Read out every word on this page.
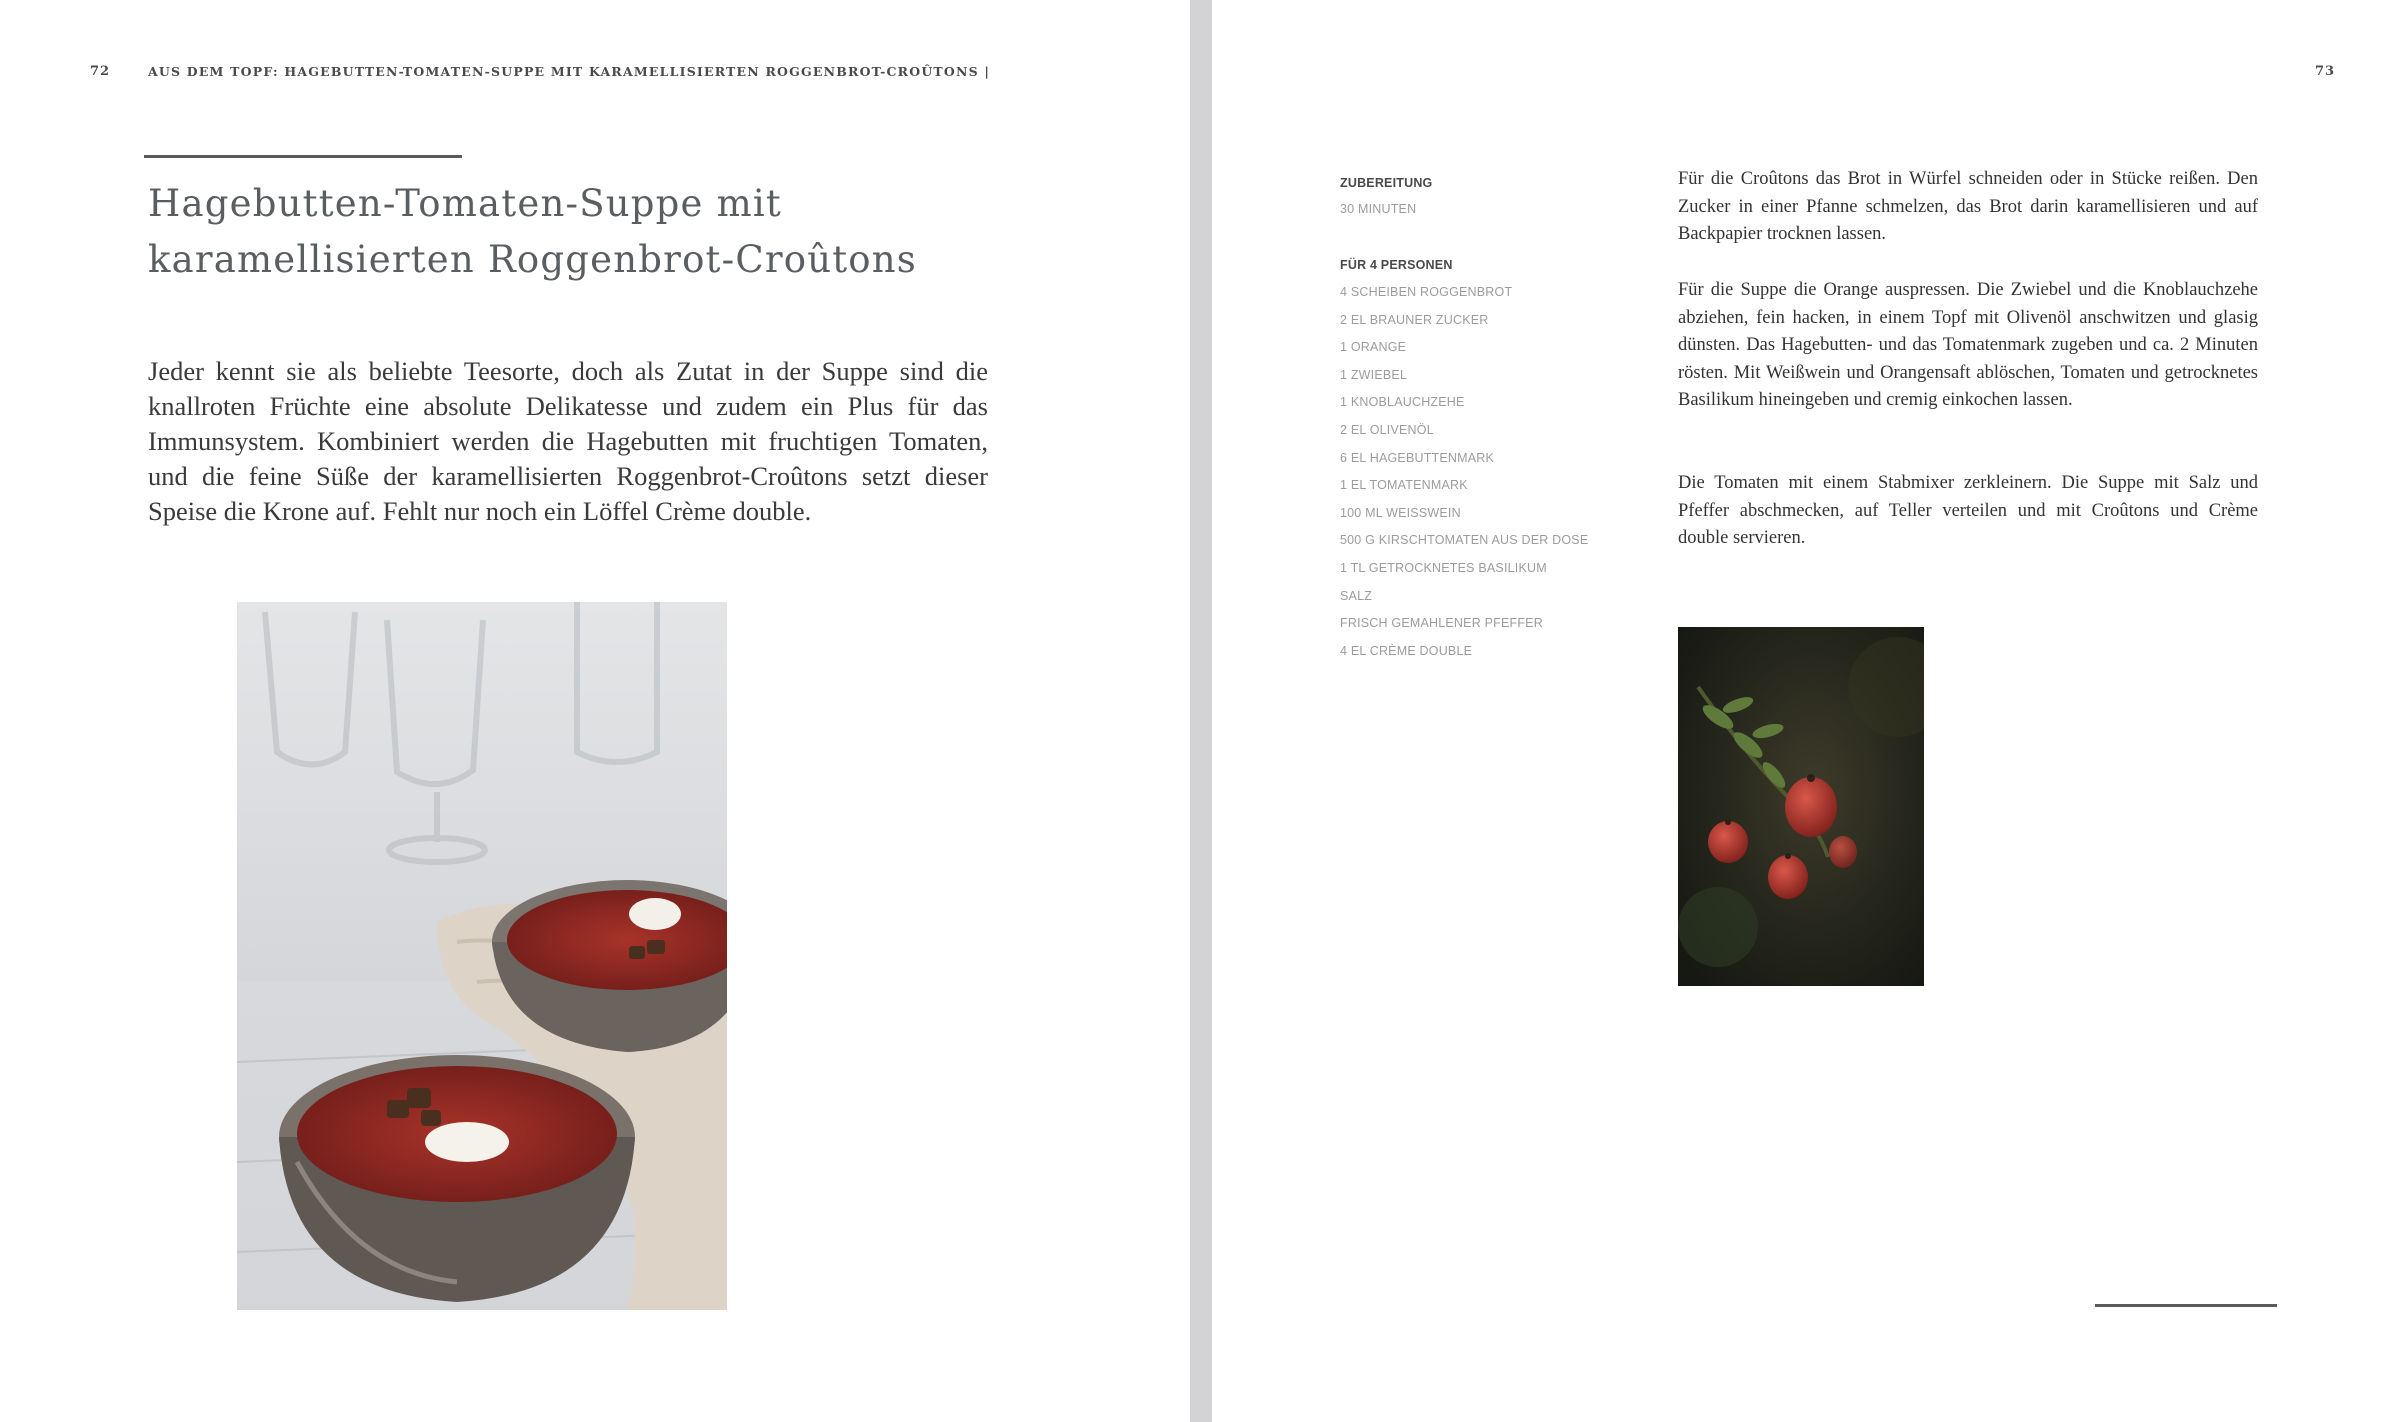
72	AUS DEM TOPF: HAGEBUTTEN-TOMATEN-SUPPE MIT KARAMELLISIERTEN ROGGENBROT-CROÛTONS |
Hagebutten-Tomaten-Suppe mit
karamellisierten Roggenbrot-Croûtons

Jeder kennt sie als beliebte Teesorte, doch als Zutat in der Suppe sind die knallroten Früchte eine absolute Delikatesse und zudem ein Plus für das Immunsystem. Kombiniert werden die Hagebutten mit fruchtigen Tomaten, und die feine Süße der karamellisierten Roggenbrot-Croûtons setzt dieser Speise die Krone auf. Fehlt nur noch ein Löffel Crème double.

73

ZUBEREITUNG

30 MINUTEN

FÜR 4 PERSONEN

4 SCHEIBEN ROGGENBROT
2 EL BRAUNER ZUCKER
1 ORANGE
1 ZWIEBEL
1 KNOBLAUCHZEHE
2 EL OLIVENÖL
6 EL HAGEBUTTENMARK
1 EL TOMATENMARK
100 ML WEISSWEIN
500 G KIRSCHTOMATEN AUS DER DOSE
1 TL GETROCKNETES BASILIKUM
SALZ
FRISCH GEMAHLENER PFEFFER
4 EL CRÈME DOUBLE

Für die Croûtons das Brot in Würfel schneiden oder in Stücke reißen. Den Zucker in einer Pfanne schmelzen, das Brot darin karamellisieren und auf Backpapier trocknen lassen.

Für die Suppe die Orange auspressen. Die Zwiebel und die Knoblauchzehe abziehen, fein hacken, in einem Topf mit Olivenöl anschwitzen und glasig dünsten. Das Hagebutten- und das Tomatenmark zugeben und ca. 2 Minuten rösten. Mit Weißwein und Orangensaft ablöschen, Tomaten und getrocknetes Basilikum hineingeben und cremig einkochen lassen.

Die Tomaten mit einem Stabmixer zerkleinern. Die Suppe mit Salz und Pfeffer abschmecken, auf Teller verteilen und mit Croûtons und Crème double servieren.
